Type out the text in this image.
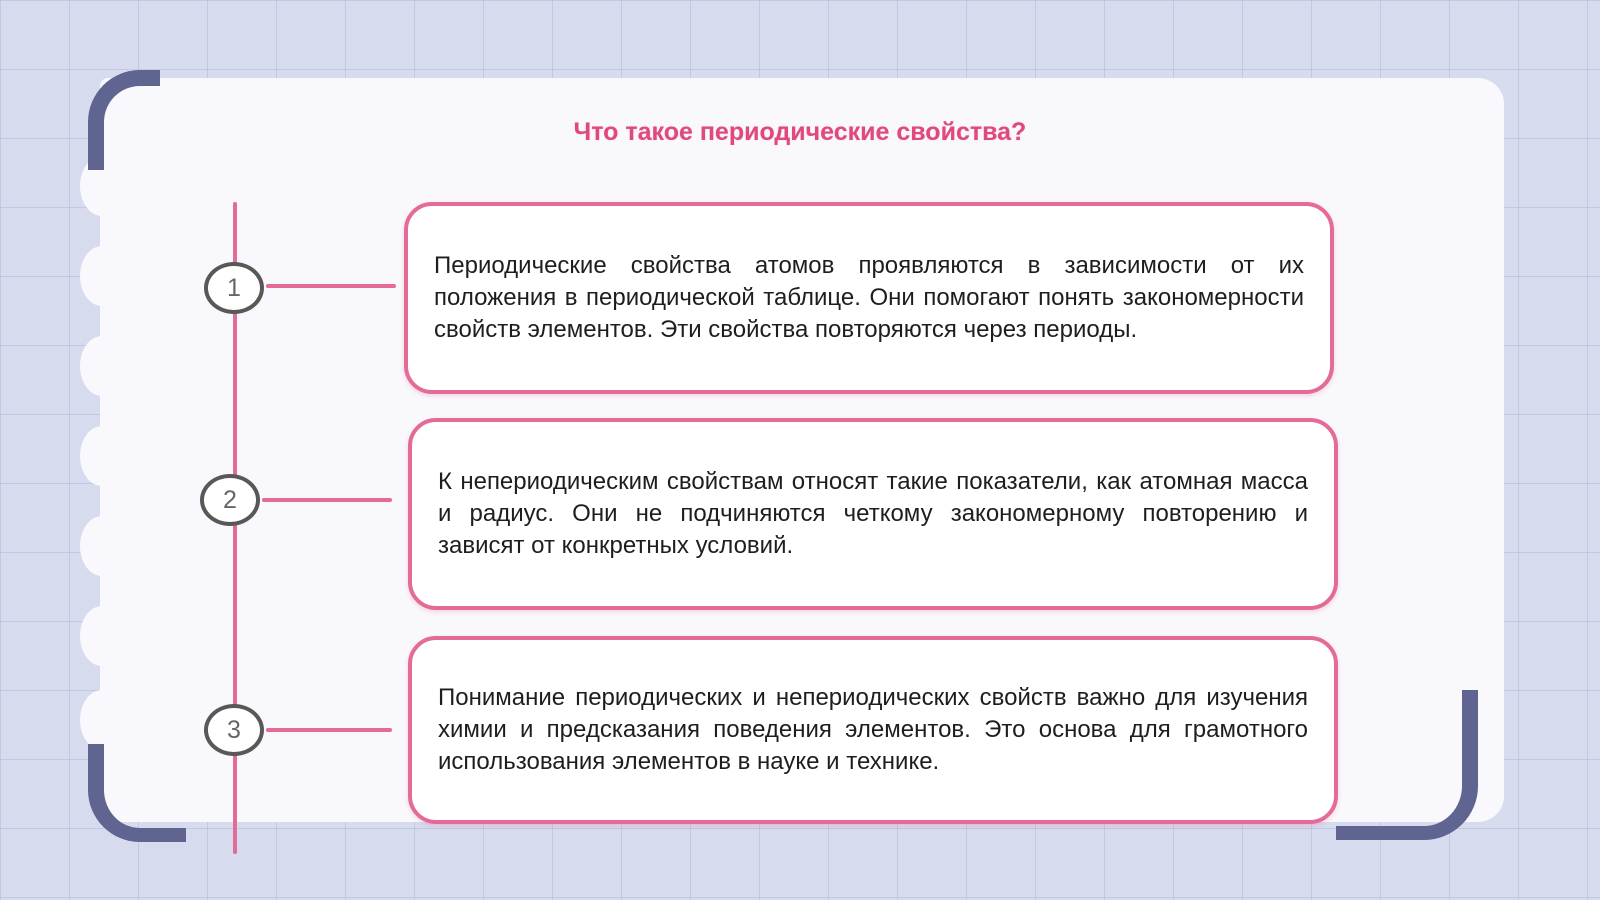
Что такое периодические свойства?
1
2
3

Периодические свойства атомов проявляются в зависимости от их положения в периодической таблице. Они помогают понять закономерности свойств элементов. Эти свойства повторяются через периоды.

К непериодическим свойствам относят такие показатели, как атомная масса и радиус. Они не подчиняются четкому закономерному повторению и зависят от конкретных условий.

Понимание периодических и непериодических свойств важно для изучения химии и предсказания поведения элементов. Это основа для грамотного использования элементов в науке и технике.
